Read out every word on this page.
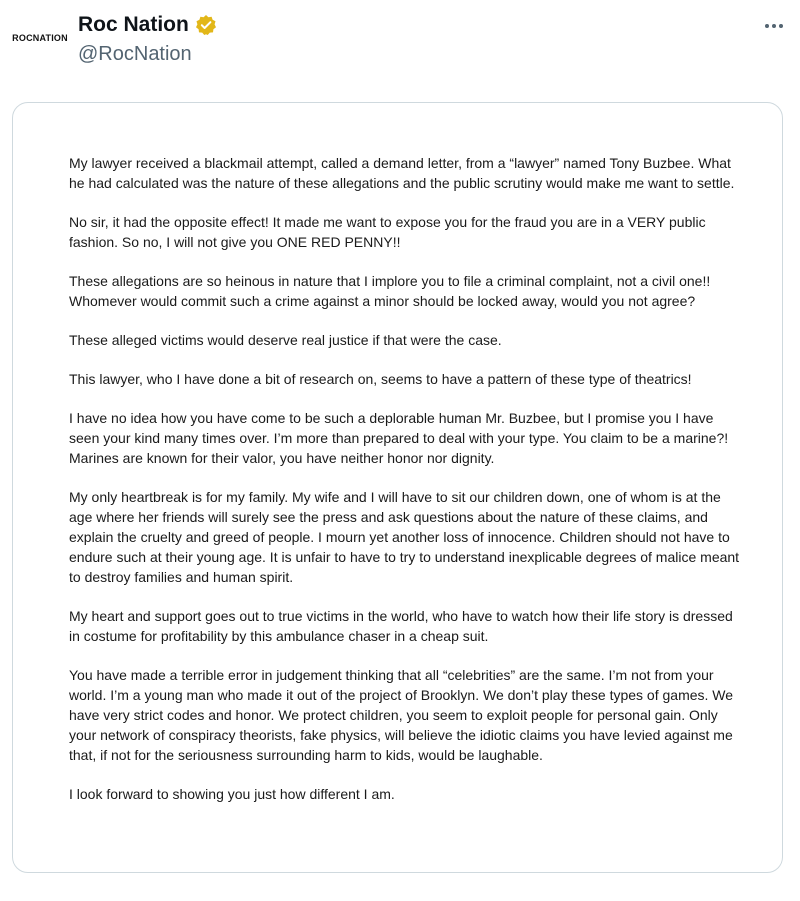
ROCNATION
Roc Nation
@RocNation

My lawyer received a blackmail attempt, called a demand letter, from a “lawyer” named Tony Buzbee. What he had calculated was the nature of these allegations and the public scrutiny would make me want to settle.

No sir, it had the opposite effect! It made me want to expose you for the fraud you are in a VERY public fashion. So no, I will not give you ONE RED PENNY!!

These allegations are so heinous in nature that I implore you to file a criminal complaint, not a civil one!! Whomever would commit such a crime against a minor should be locked away, would you not agree?

These alleged victims would deserve real justice if that were the case.

This lawyer, who I have done a bit of research on, seems to have a pattern of these type of theatrics!

I have no idea how you have come to be such a deplorable human Mr. Buzbee, but I promise you I have seen your kind many times over. I’m more than prepared to deal with your type. You claim to be a marine?! Marines are known for their valor, you have neither honor nor dignity.

My only heartbreak is for my family. My wife and I will have to sit our children down, one of whom is at the age where her friends will surely see the press and ask questions about the nature of these claims, and explain the cruelty and greed of people. I mourn yet another loss of innocence. Children should not have to endure such at their young age. It is unfair to have to try to understand inexplicable degrees of malice meant to destroy families and human spirit.

My heart and support goes out to true victims in the world, who have to watch how their life story is dressed in costume for profitability by this ambulance chaser in a cheap suit.

You have made a terrible error in judgement thinking that all “celebrities” are the same. I’m not from your world. I’m a young man who made it out of the project of Brooklyn. We don’t play these types of games. We have very strict codes and honor. We protect children, you seem to exploit people for personal gain. Only your network of conspiracy theorists, fake physics, will believe the idiotic claims you have levied against me that, if not for the seriousness surrounding harm to kids, would be laughable.

I look forward to showing you just how different I am.
